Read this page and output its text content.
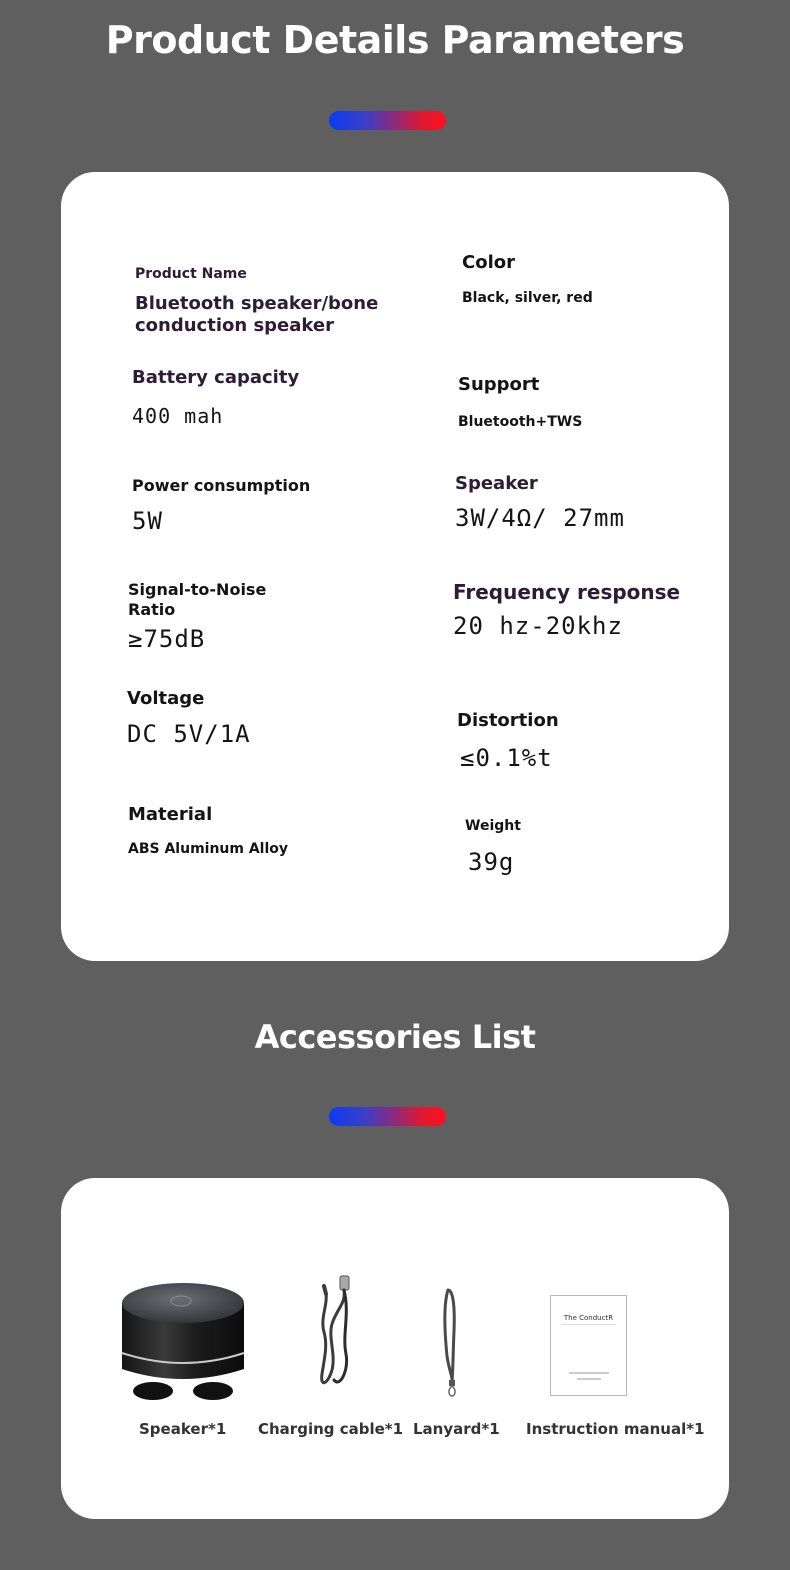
Product Details Parameters
Product Name
Bluetooth speaker/bone
conduction speaker
Battery capacity
400 mah
Power consumption
5W
Signal-to-Noise
Ratio
≥75dB
Voltage
DC 5V/1A
Material
ABS Aluminum Alloy
Color
Black, silver, red
Support
Bluetooth+TWS
Speaker
3W/4Ω/ 27mm
Frequency response
20 hz-20khz
Distortion
≤0.1%t
Weight
39g
Accessories List
Speaker*1 Charging cable*1 Lanyard*1
The ConductR
Instruction manual*1
